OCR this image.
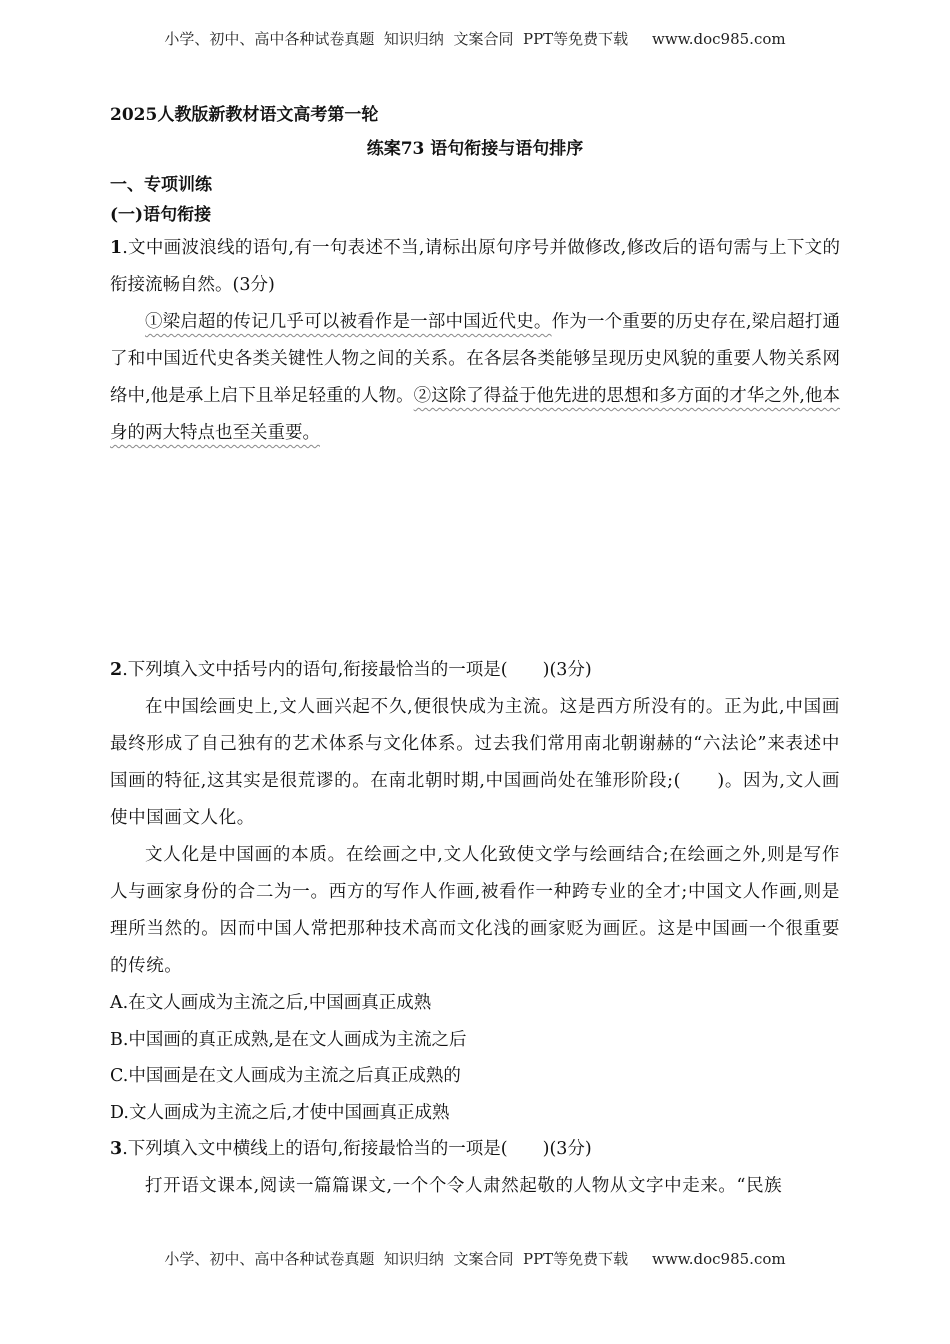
小学、初中、高中各种试卷真题  知识归纳  文案合同  PPT等免费下载     www.doc985.com
2025人教版新教材语文高考第一轮
练案73 语句衔接与语句排序
一、专项训练
(一)语句衔接
1.文中画波浪线的语句,有一句表述不当,请标出原句序号并做修改,修改后的语句需与上下文的衔接流畅自然。(3分)
①梁启超的传记几乎可以被看作是一部中国近代史。作为一个重要的历史存在,梁启超打通了和中国近代史各类关键性人物之间的关系。在各层各类能够呈现历史风貌的重要人物关系网络中,他是承上启下且举足轻重的人物。②这除了得益于他先进的思想和多方面的才华之外,他本身的两大特点也至关重要。
2.下列填入文中括号内的语句,衔接最恰当的一项是(　　)(3分)
在中国绘画史上,文人画兴起不久,便很快成为主流。这是西方所没有的。正为此,中国画最终形成了自己独有的艺术体系与文化体系。过去我们常用南北朝谢赫的“六法论”来表述中国画的特征,这其实是很荒谬的。在南北朝时期,中国画尚处在雏形阶段;(　　)。因为,文人画使中国画文人化。
文人化是中国画的本质。在绘画之中,文人化致使文学与绘画结合;在绘画之外,则是写作人与画家身份的合二为一。西方的写作人作画,被看作一种跨专业的全才;中国文人作画,则是理所当然的。因而中国人常把那种技术高而文化浅的画家贬为画匠。这是中国画一个很重要的传统。
A.在文人画成为主流之后,中国画真正成熟
B.中国画的真正成熟,是在文人画成为主流之后
C.中国画是在文人画成为主流之后真正成熟的
D.文人画成为主流之后,才使中国画真正成熟
3.下列填入文中横线上的语句,衔接最恰当的一项是(　　)(3分)
打开语文课本,阅读一篇篇课文,一个个令人肃然起敬的人物从文字中走来。“民族
小学、初中、高中各种试卷真题  知识归纳  文案合同  PPT等免费下载     www.doc985.com
